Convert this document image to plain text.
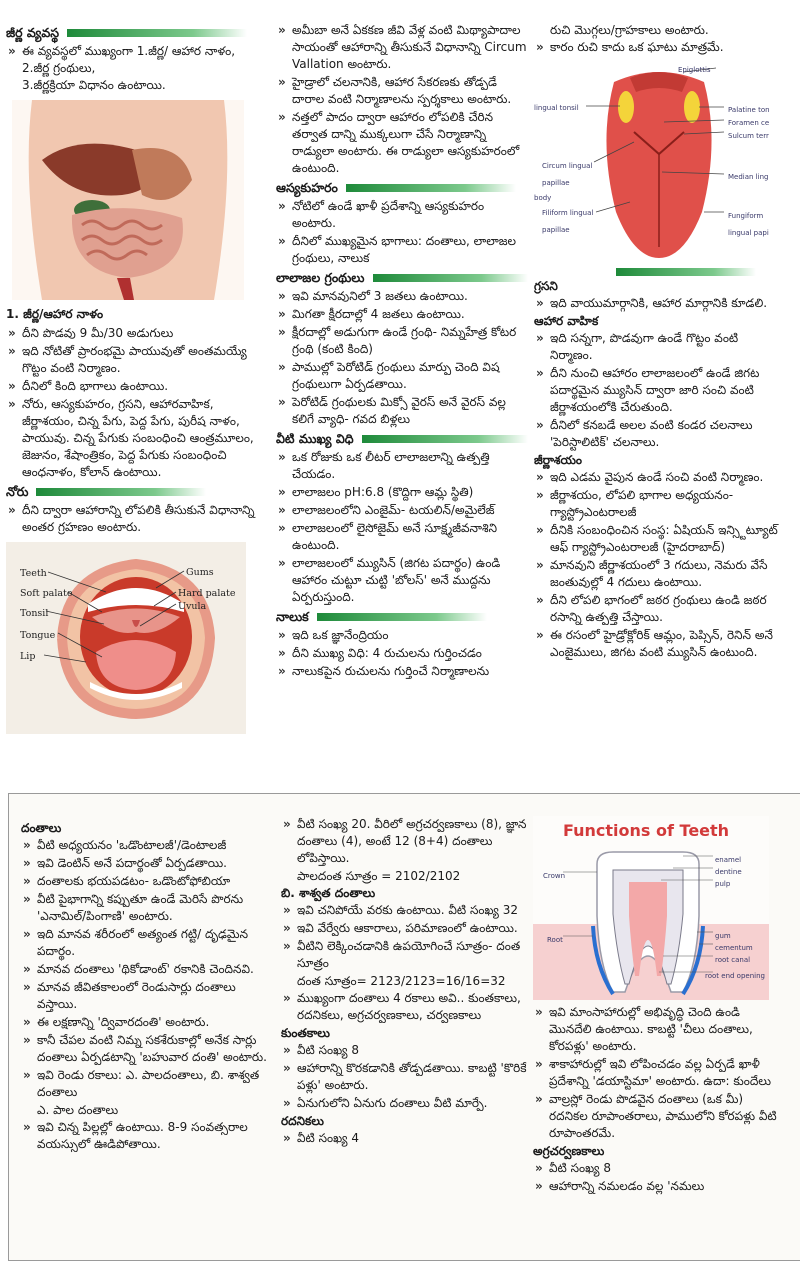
జీర్ణ వ్యవస్థ
» ఈ వ్యవస్థలో ముఖ్యంగా 1.జీర్ణ/ ఆహార నాళం,
2.జీర్ణ గ్రంథులు,
3.జీర్ణక్రియా విధానం ఉంటాయి.
1. జీర్ణ/ఆహార నాళం
» దీని పొడవు 9 మీ/30 అడుగులు
» ఇది నోటితో ప్రారంభమై పాయువుతో అంతమయ్యే గొట్టం వంటి నిర్మాణం.
» దీనిలో కింది భాగాలు ఉంటాయి.
» నోరు, ఆస్యకుహరం, గ్రసని, ఆహారవాహిక, జీర్ణాశయం, చిన్న పేగు, పెద్ద పేగు, పురీష నాళం, పాయువు. చిన్న పేగుకు సంబంధించి ఆంత్రమూలం, జెజునం, శేషాంత్రికం, పెద్ద పేగుకు సంబంధించి ఆంధనాళం, కోలాన్ ఉంటాయి.
నోరు
» దీని ద్వారా ఆహారాన్ని లోపలికి తీసుకునే విధానాన్ని అంతర గ్రహణం అంటారు.
Teeth
Soft palate
Tonsil
Tongue
Lip
Gums
Hard palate
Uvula
» అమీబా అనే ఏకకణ జీవి వేళ్ల వంటి మిథ్యాపాదాల సాయంతో ఆహారాన్ని తీసుకునే విధానాన్ని Circum Vallation అంటారు.
» హైడ్రాలో చలనానికి, ఆహార సేకరణకు తోడ్పడే దారాల వంటి నిర్మాణాలను స్పర్శకాలు అంటారు.
» నత్తలో పాదం ద్వారా ఆహారం లోపలికి చేరిన తర్వాత దాన్ని ముక్కలుగా చేసే నిర్మాణాన్ని రాడ్యులా అంటారు. ఈ రాడ్యులా ఆస్యకుహరంలో ఉంటుంది.
ఆస్యకుహరం
» నోటిలో ఉండే ఖాళీ ప్రదేశాన్ని ఆస్యకుహరం అంటారు.
» దీనిలో ముఖ్యమైన భాగాలు: దంతాలు, లాలాజల గ్రంథులు, నాలుక
లాలాజల గ్రంథులు
» ఇవి మానవునిలో 3 జతలు ఉంటాయి.
» మిగతా క్షీరదాల్లో 4 జతలు ఉంటాయి.
» క్షీరదాల్లో అడుగుగా ఉండే గ్రంథి- నిమ్నహేత్ర కోటర గ్రంథి (కంటి కింది)
» పాముల్లో పెరోటిడ్ గ్రంథులు మార్పు చెంది విష గ్రంథులుగా ఏర్పడతాయి.
» పెరోటిడ్ గ్రంథులకు మిక్సో వైరస్ అనే వైరస్ వల్ల కలిగే వ్యాధి- గవద బిళ్లలు
వీటి ముఖ్య విధి
» ఒక రోజుకు ఒక లీటర్ లాలాజలాన్ని ఉత్పత్తి చేయడం.
» లాలాజలం pH:6.8 (కొద్దిగా ఆమ్ల స్థితి)
» లాలాజలంలోని ఎంజైమ్- టయలిన్/అమైలేజ్
» లాలాజలంలో లైసోజైమ్ అనే సూక్ష్మజీవనాశిని ఉంటుంది.
» లాలాజలంలో మ్యుసిన్ (జిగట పదార్థం) ఉండి ఆహారం చుట్టూ చుట్టి 'బోలస్' అనే ముద్దను ఏర్పరుస్తుంది.
నాలుక
» ఇది ఒక జ్ఞానేంద్రియం
» దీని ముఖ్య విధి: 4 రుచులను గుర్తించడం
» నాలుకపైన రుచులను గుర్తించే నిర్మాణాలను
రుచి మొగ్గలు/గ్రాహకాలు అంటారు.
» కారం రుచి కాదు ఒక ఘాటు మాత్రమే.
Epiglottis
lingual tonsil	Palatine ton
Foramen ce
Sulcum terr
Median ling
Circum lingual papillae
body
Filiform lingual papillae
Fungiform lingual papi
గ్రసని
» ఇది వాయుమార్గానికి, ఆహార మార్గానికి కూడలి.
ఆహార వాహిక
» ఇది సన్నగా, పొడవుగా ఉండే గొట్టం వంటి నిర్మాణం.
» దీని నుంచి ఆహారం లాలాజలంలో ఉండే జిగట పదార్థమైన మ్యుసిన్ ద్వారా జారి సంచి వంటి జీర్ణాశయంలోకి చేరుతుంది.
» దీనిలో కనబడే అలల వంటి కండర చలనాలు 'పెరిస్టాలిటిక్' చలనాలు.
జీర్ణాశయం
» ఇది ఎడమ వైపున ఉండే సంచి వంటి నిర్మాణం.
» జీర్ణాశయం, లోపలి భాగాల అధ్యయనం- గ్యాస్ట్రోఎంటరాలజీ
» దీనికి సంబంధించిన సంస్థ: ఏషియన్ ఇన్స్టిట్యూట్ ఆఫ్ గ్యాస్ట్రోఎంటరాలజీ (హైదరాబాద్)
» మానవుని జీర్ణాశయంలో 3 గదులు, నెమరు వేసే జంతువుల్లో 4 గదులు ఉంటాయి.
» దీని లోపలి భాగంలో జఠర గ్రంథులు ఉండి జఠర రసాన్ని ఉత్పత్తి చేస్తాయి.
» ఈ రసంలో హైడ్రోక్లోరిక్ ఆమ్లం, పెప్సిన్, రెనిన్ అనే ఎంజైములు, జిగట వంటి మ్యుసిన్ ఉంటుంది.
దంతాలు
» వీటి అధ్యయనం 'ఒడొంటాలజీ'/డెంటాలజీ
» ఇవి డెంటిన్ అనే పదార్థంతో ఏర్పడతాయి.
» దంతాలకు భయపడటం- ఒడొంటోఫోబియా
» వీటి పైభాగాన్ని కప్పుతూ ఉండే మెరిసే పొరను 'ఎనామిల్/పింగాణి' అంటారు.
» ఇది మానవ శరీరంలో అత్యంత గట్టి/ దృఢమైన పదార్థం.
» మానవ దంతాలు 'థికోడాంట్' రకానికి చెందినవి.
» మానవ జీవితకాలంలో రెండుసార్లు దంతాలు వస్తాయి.
» ఈ లక్షణాన్ని 'ద్వివారదంతి' అంటారు.
» కానీ చేపల వంటి నిమ్న సకశేరుకాల్లో అనేక సార్లు దంతాలు ఏర్పడటాన్ని 'బహువార దంతి' అంటారు.
» ఇవి రెండు రకాలు: ఎ. పాలదంతాలు, బి. శాశ్వత దంతాలు
ఎ. పాల దంతాలు
» ఇవి చిన్న పిల్లల్లో ఉంటాయి. 8-9 సంవత్సరాల వయస్సులో ఊడిపోతాయి.
» వీటి సంఖ్య 20. వీరిలో అగ్రచర్వణకాలు (8), జ్ఞాన దంతాలు (4), అంటే 12 (8+4) దంతాలు లోపిస్తాయి.
పాలదంత సూత్రం = 2102/2102
బి. శాశ్వత దంతాలు
» ఇవి చనిపోయే వరకు ఉంటాయి. వీటి సంఖ్య 32
» ఇవి వేర్వేరు ఆకారాలు, పరిమాణంలో ఉంటాయి.
» వీటిని లెక్కించడానికి ఉపయోగించే సూత్రం- దంత సూత్రం
దంత సూత్రం= 2123/2123=16/16=32
» ముఖ్యంగా దంతాలు 4 రకాలు అవి.. కుంతకాలు, రదనికలు, అగ్రచర్వణకాలు, చర్వణకాలు
కుంతకాలు
» వీటి సంఖ్య 8
» ఆహారాన్ని కొరకడానికి తోడ్పడతాయి. కాబట్టి 'కొరికే పళ్లు' అంటారు.
» ఏనుగులోని ఏనుగు దంతాలు వీటి మార్పే.
రదనికలు
» వీటి సంఖ్య 4
Functions of Teeth
Crown
Root
enamel
dentine
pulp
gum
cementum
root canal
root end opening
» ఇవి మాంసాహారుల్లో అభివృద్ధి చెంది ఉండి మొనదేలి ఉంటాయి. కాబట్టి 'చీలు దంతాలు, కోరపళ్లు' అంటారు.
» శాకాహారుల్లో ఇవి లోపించడం వల్ల ఏర్పడే ఖాళీ ప్రదేశాన్ని 'డయాస్టిమా' అంటారు. ఉదా: కుందేలు
» వాల్రస్లో రెండు పొడవైన దంతాలు (ఒక మీ) రదనికల రూపాంతరాలు, పాములోని కోరపళ్లు వీటి రూపాంతరమే.
అగ్రచర్వణకాలు
» వీటి సంఖ్య 8
» ఆహారాన్ని నమలడం వల్ల 'నమలు
